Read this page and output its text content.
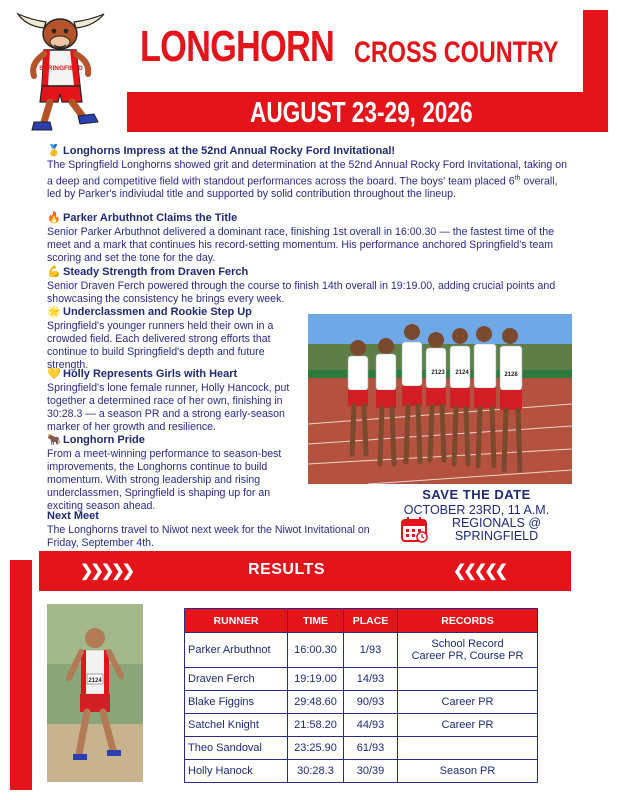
SPRINGFIELD LONGHORN CROSS COUNTRY
AUGUST 23-29, 2026
🥇 Longhorns Impress at the 52nd Annual Rocky Ford Invitational!

The Springfield Longhorns showed grit and determination at the 52nd Annual Rocky Ford Invitational, taking on a deep and competitive field with standout performances across the board. The boys' team placed 6th overall, led by Parker's indiviudal title and supported by solid contribution throughout the lineup.

🔥 Parker Arbuthnot Claims the Title

Senior Parker Arbuthnot delivered a dominant race, finishing 1st overall in 16:00.30 — the fastest time of the meet and a mark that continues his record-setting momentum. His performance anchored Springfield's team scoring and set the tone for the day.

💪 Steady Strength from Draven Ferch

Senior Draven Ferch powered through the course to finish 14th overall in 19:19.00, adding crucial points and showcasing the consistency he brings every week.

🌟 Underclassmen and Rookie Step Up

Springfield's younger runners held their own in a crowded field. Each delivered strong efforts that continue to build Springfield's depth and future strength.

💛 Holly Represents Girls with Heart

Springfield's lone female runner, Holly Hancock, put together a determined race of her own, finishing in 30:28.3 — a season PR and a strong early-season marker of her growth and resilience.

🐂 Longhorn Pride

From a meet-winning performance to season-best improvements, the Longhorns continue to build momentum. With strong leadership and rising underclassmen, Springfield is shaping up for an exciting season ahead.

Next Meet

The Longhorns travel to Niwot next week for the Niwot Invitational on Friday, September 4th.

2123 2124	2128
SAVE THE DATE
OCTOBER 23RD, 11 A.M.
REGIONALS @
SPRINGFIELD
❯❯❯❯❯	RESULTS	❮❮❮❮❮
2124
RUNNER	TIME	PLACE	RECORDS
Parker Arbuthnot	16:00.30	1/93	School Record
Career PR, Course PR
Draven Ferch	19:19.00	14/93	
Blake Figgins	29:48.60	90/93	Career PR
Satchel Knight	21:58.20	44/93	Career PR
Theo Sandoval	23:25.90	61/93	
Holly Hanock	30:28.3	30/39	Season PR
